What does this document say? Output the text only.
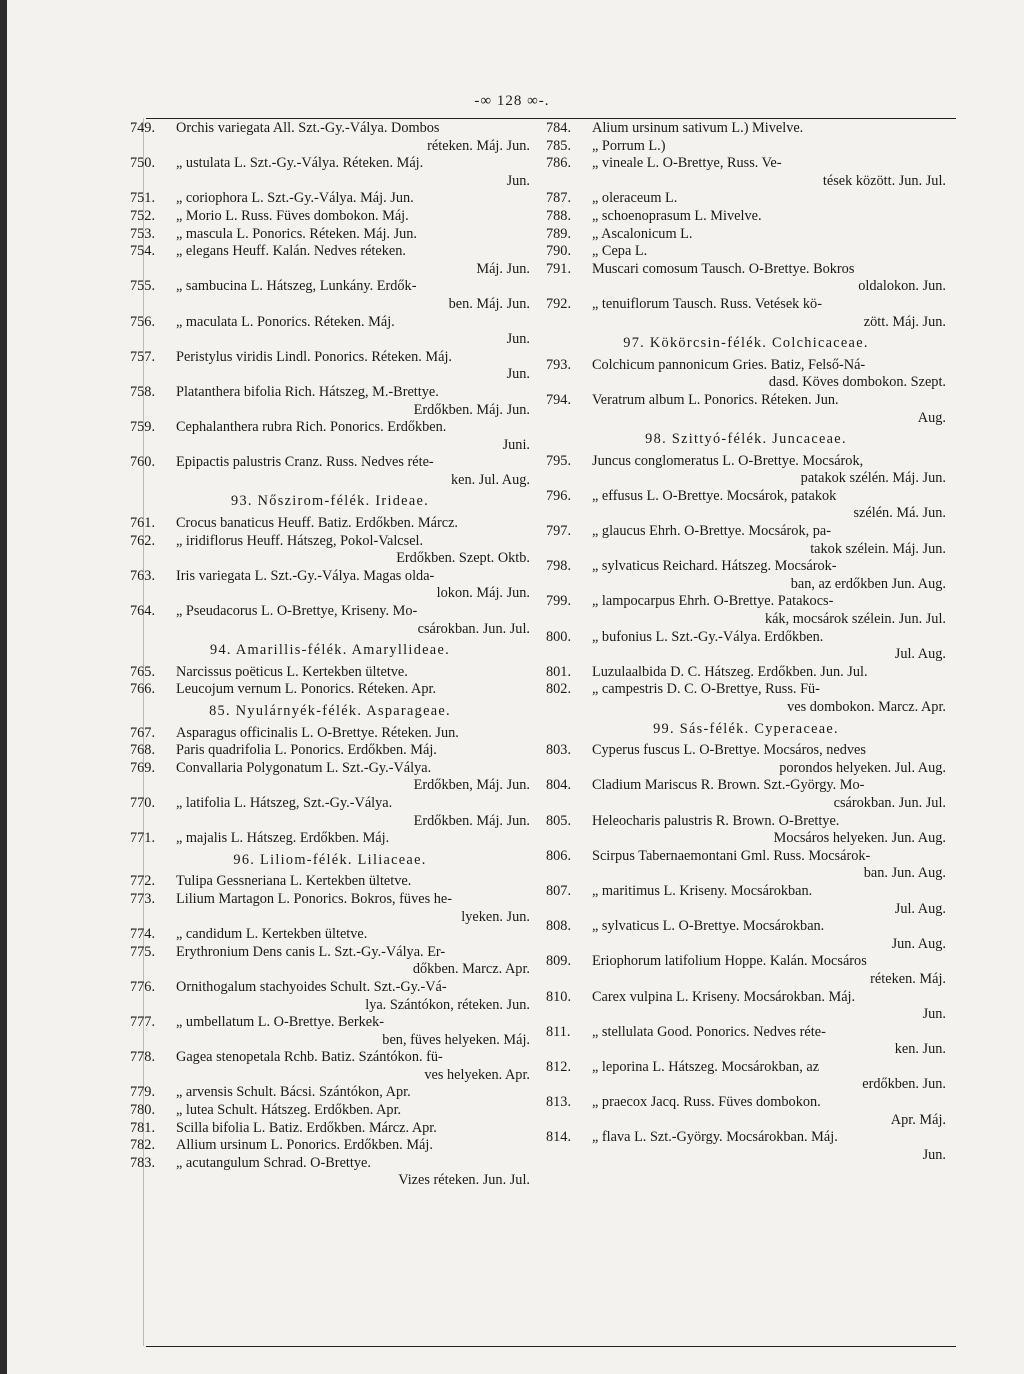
-∞ 128 ∞-.
749.	Orchis variegata All. Szt.-Gy.-Vályа. Dombos
réteken. Máj. Jun.
750.	„ ustulata L. Szt.-Gy.-Válya. Réteken. Máj.
Jun.
751.	„ coriophora L. Szt.-Gy.-Válya. Máj. Jun.
752.	„ Morio L. Russ. Füves dombokon. Máj.
753.	„ mascula L. Ponorics. Réteken. Máj. Jun.
754.	„ elegans Heuff. Kalán. Nedves réteken.
Máj. Jun.
755.	„ sambucina L. Hátszeg, Lunkány. Erdők-
ben. Máj. Jun.
756.	„ maculata L. Ponorics. Réteken. Máj.
Jun.
757.	Peristylus viridis Lindl. Ponorics. Réteken. Máj.
Jun.
758.	Platanthera bifolia Rich. Hátszeg, M.-Brettye.
Erdőkben. Máj. Jun.
759.	Cephalanthera rubra Rich. Ponorics. Erdőkben.
Juni.
760.	Epipactis palustris Cranz. Russ. Nedves réte-
ken. Jul. Aug.
93. Nőszirom-félék. Irideae.
761.	Crocus banaticus Heuff. Batiz. Erdőkben. Márcz.
762.	„ iridiflorus Heuff. Hátszeg, Pokol-Valcsel.
Erdőkben. Szept. Oktb.
763.	Iris variegata L. Szt.-Gy.-Válya. Magas olda-
lokon. Máj. Jun.
764.	„ Pseudacorus L. O-Brettye, Kriseny. Mo-
csárokban. Jun. Jul.
94. Amarillis-félék. Amaryllideae.
765.	Narcissus poëticus L. Kertekben ültetve.
766.	Leucojum vernum L. Ponorics. Réteken. Apr.
85. Nyulárnyék-félék. Asparageae.
767.	Asparagus officinalis L. O-Brettye. Réteken. Jun.
768.	Paris quadrifolia L. Ponorics. Erdőkben. Máj.
769.	Convallaria Polygonatum L. Szt.-Gy.-Válya.
Erdőkben, Máj. Jun.
770.	„ latifolia L. Hátszeg, Szt.-Gy.-Válya.
Erdőkben. Máj. Jun.
771.	„ majalis L. Hátszeg. Erdőkben. Máj.
96. Liliom-félék. Liliaceae.
772.	Tulipa Gessneriana L. Kertekben ültetve.
773.	Lilium Martagon L. Ponorics. Bokros, füves he-
lyeken. Jun.
774.	„ candidum L. Kertekben ültetve.
775.	Erythronium Dens canis L. Szt.-Gy.-Válya. Er-
dőkben. Marcz. Apr.
776.	Ornithogalum stachyoides Schult. Szt.-Gy.-Vá-
lya. Szántókon, réteken. Jun.
777.	„ umbellatum L. O-Brettye. Berkek-
ben, füves helyeken. Máj.
778.	Gagea stenopetala Rchb. Batiz. Szántókon. fü-
ves helyeken. Apr.
779.	„ arvensis Schult. Bácsi. Szántókon, Apr.
780.	„ lutea Schult. Hátszeg. Erdőkben. Apr.
781.	Scilla bifolia L. Batiz. Erdőkben. Márcz. Apr.
782.	Allium ursinum L. Ponorics. Erdőkben. Máj.
783.	„ acutangulum Schrad. O-Brettye.
Vizes réteken. Jun. Jul.
784.	Alium ursinum sativum L.) Mivelve.
785.	„ Porrum L.)
786.	„ vineale L. O-Brettye, Russ. Ve-
tések között. Jun. Jul.
787.	„ oleraceum L.
788.	„ schoenoprasum L. Mivelve.
789.	„ Ascalonicum L.
790.	„ Cepa L.
791.	Muscari comosum Tausch. O-Brettye. Bokros
oldalokon. Jun.
792.	„ tenuiflorum Tausch. Russ. Vetések kö-
zött. Máj. Jun.
97. Kökörcsin-félék. Colchicaceae.
793.	Colchicum pannonicum Gries. Batiz, Felső-Ná-
dasd. Köves dombokon. Szept.
794.	Veratrum album L. Ponorics. Réteken. Jun.
Aug.
98. Szittyó-félék. Juncaceae.
795.	Juncus conglomeratus L. O-Brettye. Mocsárok,
patakok szélén. Máj. Jun.
796.	„ effusus L. O-Brettye. Mocsárok, patakok
szélén. Má. Jun.
797.	„ glaucus Ehrh. O-Brettye. Mocsárok, pa-
takok szélein. Máj. Jun.
798.	„ sylvaticus Reichard. Hátszeg. Mocsárok-
ban, az erdőkben Jun. Aug.
799.	„ lampocarpus Ehrh. O-Brettye. Patakocs-
kák, mocsárok szélein. Jun. Jul.
800.	„ bufonius L. Szt.-Gy.-Válya. Erdőkben.
Jul. Aug.
801.	Luzulaalbida D. C. Hátszeg. Erdőkben. Jun. Jul.
802.	„ campestris D. C. O-Brettye, Russ. Fü-
ves dombokon. Marcz. Apr.
99. Sás-félék. Cyperaceae.
803.	Cyperus fuscus L. O-Brettye. Mocsáros, nedves
porondos helyeken. Jul. Aug.
804.	Cladium Mariscus R. Brown. Szt.-György. Mo-
csárokban. Jun. Jul.
805.	Heleocharis palustris R. Brown. O-Brettye.
Mocsáros helyeken. Jun. Aug.
806.	Scirpus Tabernaemontani Gml. Russ. Mocsárok-
ban. Jun. Aug.
807.	„ maritimus L. Kriseny. Mocsárokban.
Jul. Aug.
808.	„ sylvaticus L. O-Brettye. Mocsárokban.
Jun. Aug.
809.	Eriophorum latifolium Hoppe. Kalán. Mocsáros
réteken. Máj.
810.	Carex vulpina L. Kriseny. Mocsárokban. Máj.
Jun.
811.	„ stellulata Good. Ponorics. Nedves réte-
ken. Jun.
812.	„ leporina L. Hátszeg. Mocsárokban, az
erdőkben. Jun.
813.	„ praecox Jacq. Russ. Füves dombokon.
Apr. Máj.
814.	„ flava L. Szt.-György. Mocsárokban. Máj.
Jun.
